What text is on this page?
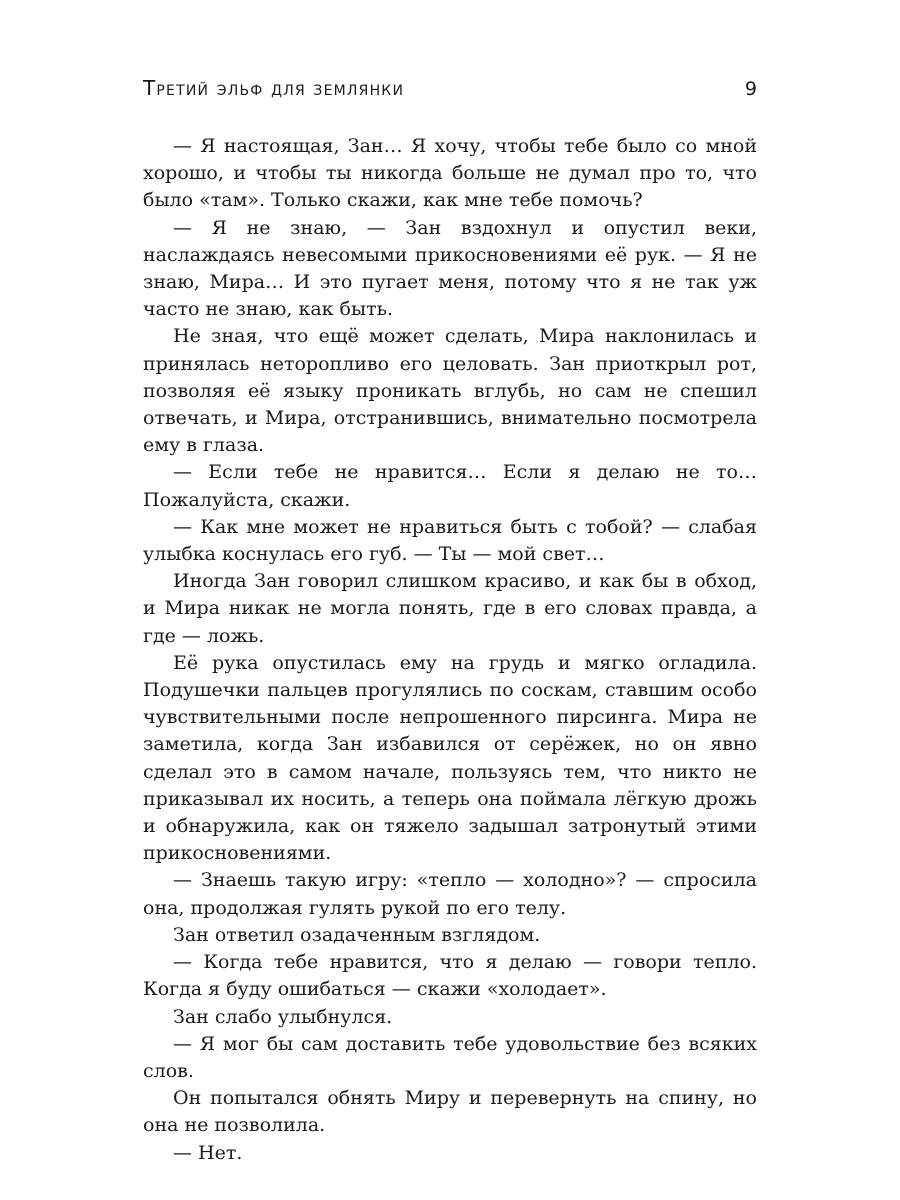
Третий эльф для землянки	9

— Я настоящая, Зан… Я хочу, чтобы тебе было со мной хорошо, и чтобы ты никогда больше не думал про то, что было «там». Только скажи, как мне тебе помочь?

— Я не знаю, — Зан вздохнул и опустил веки, наслаждаясь невесомыми прикосновениями её рук. — Я не знаю, Мира… И это пугает меня, потому что я не так уж часто не знаю, как быть.

Не зная, что ещё может сделать, Мира наклонилась и принялась неторопливо его целовать. Зан приоткрыл рот, позволяя её языку проникать вглубь, но сам не спешил отвечать, и Мира, отстранившись, внимательно посмотрела ему в глаза.

— Если тебе не нравится… Если я делаю не то… Пожалуйста, скажи.

— Как мне может не нравиться быть с тобой? — слабая улыбка коснулась его губ. — Ты — мой свет…

Иногда Зан говорил слишком красиво, и как бы в обход, и Мира никак не могла понять, где в его словах правда, а где — ложь.

Её рука опустилась ему на грудь и мягко огладила. Подушечки пальцев прогулялись по соскам, ставшим особо чувствительными после непрошенного пирсинга. Мира не заметила, когда Зан избавился от серёжек, но он явно сделал это в самом начале, пользуясь тем, что никто не приказывал их носить, а теперь она поймала лёгкую дрожь и обнаружила, как он тяжело задышал затронутый этими прикосновениями.

— Знаешь такую игру: «тепло — холодно»? — спросила она, продолжая гулять рукой по его телу.

Зан ответил озадаченным взглядом.

— Когда тебе нравится, что я делаю — говори тепло. Когда я буду ошибаться — скажи «холодает».

Зан слабо улыбнулся.

— Я мог бы сам доставить тебе удовольствие без всяких слов.

Он попытался обнять Миру и перевернуть на спину, но она не позволила.

— Нет.
